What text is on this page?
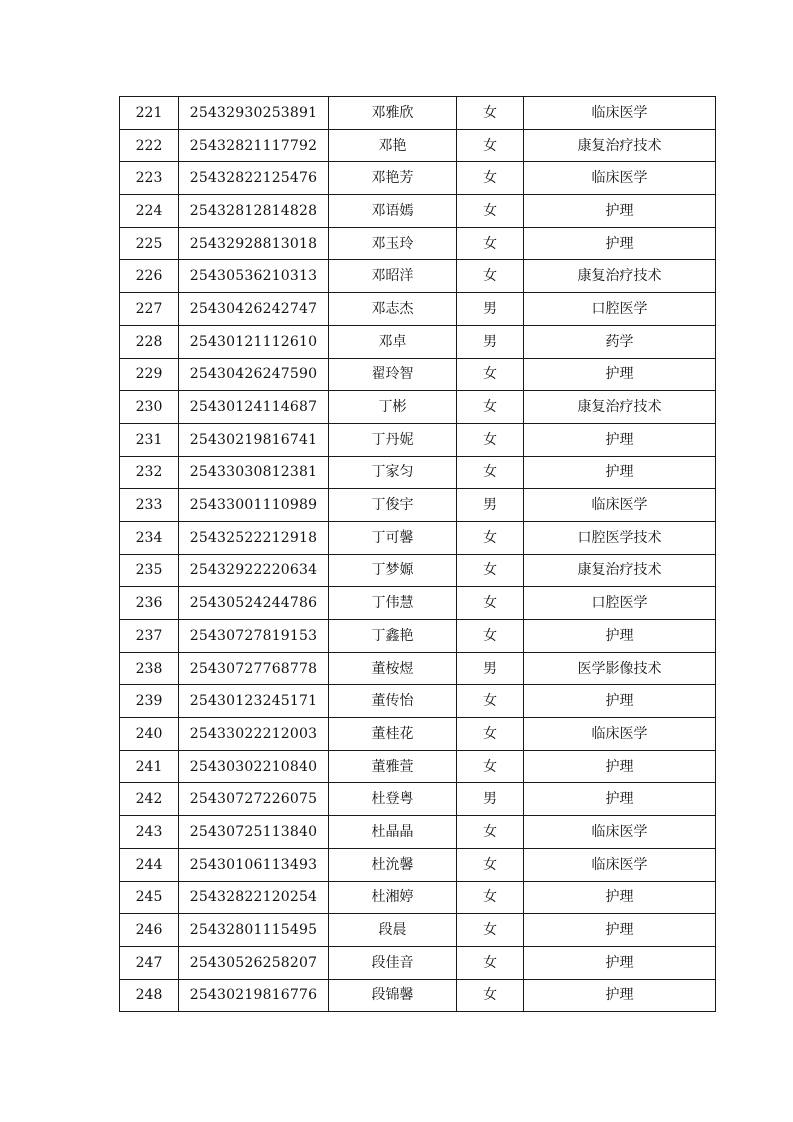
221	25432930253891	邓雅欣	女	临床医学
222	25432821117792	邓艳	女	康复治疗技术
223	25432822125476	邓艳芳	女	临床医学
224	25432812814828	邓语嫣	女	护理
225	25432928813018	邓玉玲	女	护理
226	25430536210313	邓昭洋	女	康复治疗技术
227	25430426242747	邓志杰	男	口腔医学
228	25430121112610	邓卓	男	药学
229	25430426247590	翟玲智	女	护理
230	25430124114687	丁彬	女	康复治疗技术
231	25430219816741	丁丹妮	女	护理
232	25433030812381	丁家匀	女	护理
233	25433001110989	丁俊宇	男	临床医学
234	25432522212918	丁可馨	女	口腔医学技术
235	25432922220634	丁梦嫄	女	康复治疗技术
236	25430524244786	丁伟慧	女	口腔医学
237	25430727819153	丁鑫艳	女	护理
238	25430727768778	董桉煜	男	医学影像技术
239	25430123245171	董传怡	女	护理
240	25433022212003	董桂花	女	临床医学
241	25430302210840	董雅萱	女	护理
242	25430727226075	杜登粤	男	护理
243	25430725113840	杜晶晶	女	临床医学
244	25430106113493	杜沇馨	女	临床医学
245	25432822120254	杜湘婷	女	护理
246	25432801115495	段晨	女	护理
247	25430526258207	段佳音	女	护理
248	25430219816776	段锦馨	女	护理
